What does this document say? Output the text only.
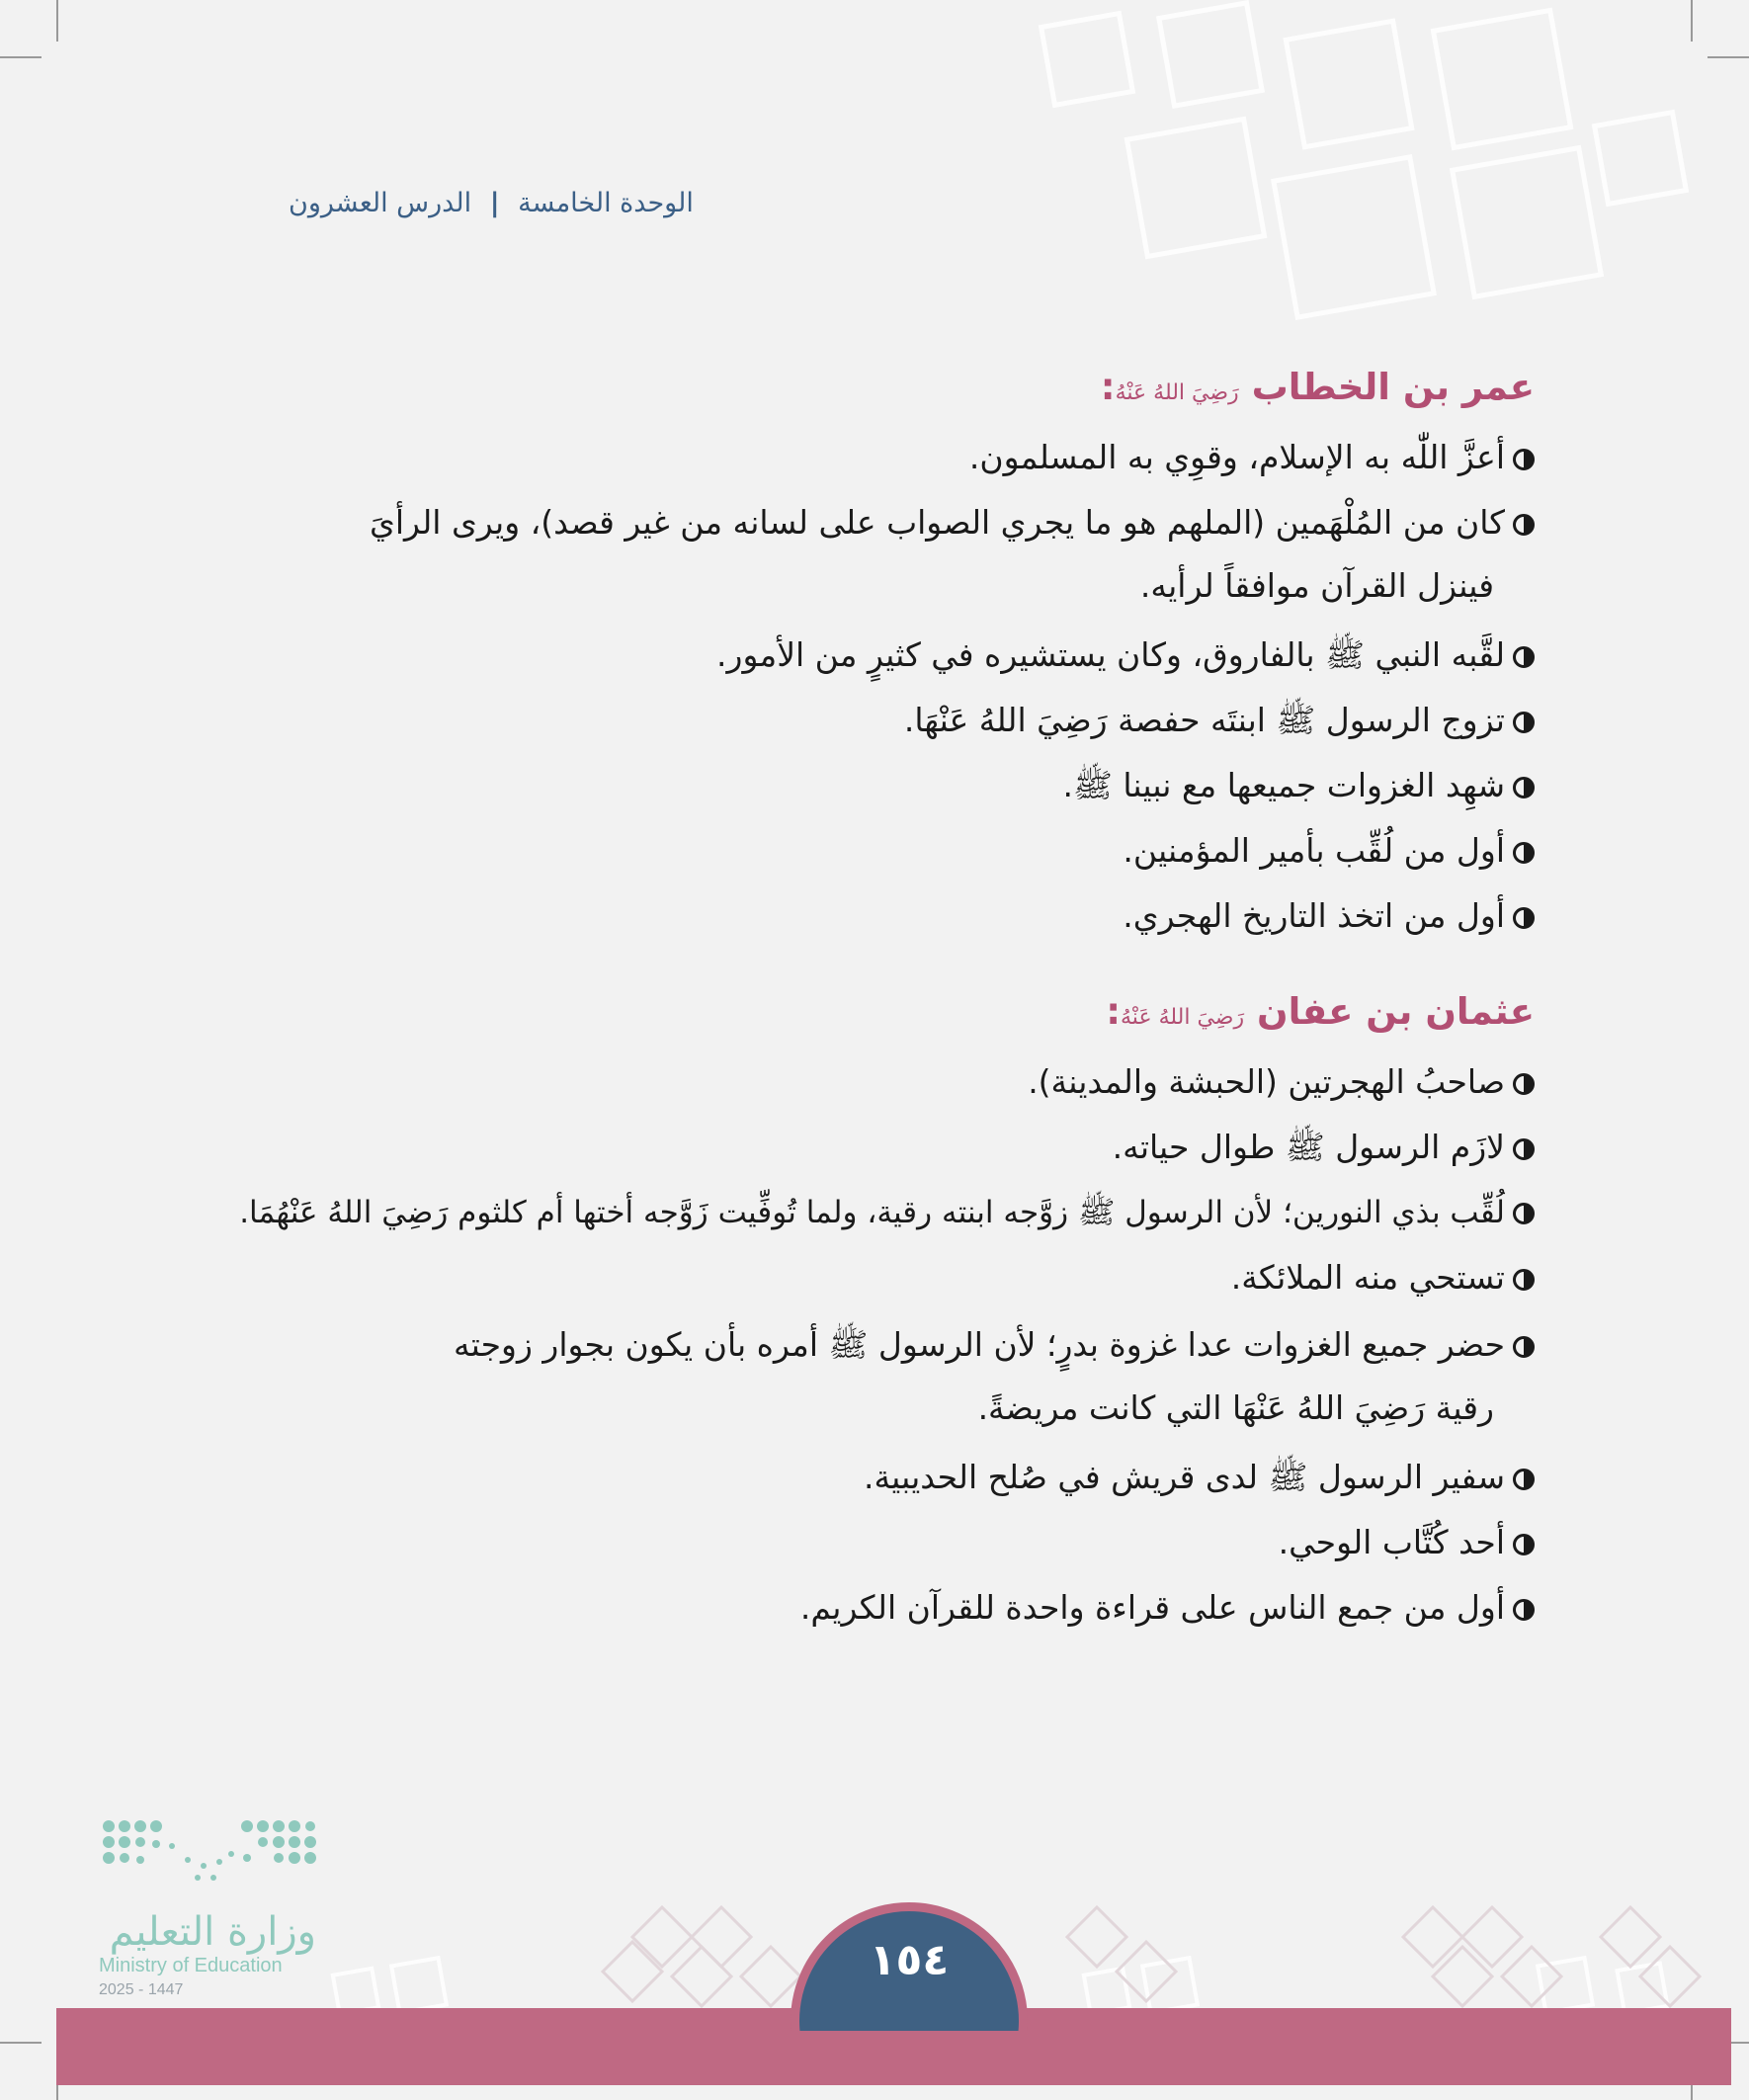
الوحدة الخامسة | الدرس العشرون
عمر بن الخطاب رَضِيَ اللهُ عَنْهُ:
أعزَّ اللّٰه به الإسلام، وقوِي به المسلمون.
كان من المُلْهَمين (الملهم هو ما يجري الصواب على لسانه من غير قصد)، ويرى الرأيَ
فينزل القرآن موافقاً لرأيه.
لقَّبه النبي ﷺ بالفاروق، وكان يستشيره في كثيرٍ من الأمور.
تزوج الرسول ﷺ ابنتَه حفصة رَضِيَ اللهُ عَنْهَا.
شهِد الغزوات جميعها مع نبينا ﷺ.
أول من لُقِّب بأمير المؤمنين.
أول من اتخذ التاريخ الهجري.
عثمان بن عفان رَضِيَ اللهُ عَنْهُ:
صاحبُ الهجرتين (الحبشة والمدينة).
لازَم الرسول ﷺ طوال حياته.
لُقِّب بذي النورين؛ لأن الرسول ﷺ زوَّجه ابنته رقية، ولما تُوفِّيت زَوَّجه أختها أم كلثوم رَضِيَ اللهُ عَنْهُمَا.
تستحي منه الملائكة.
حضر جميع الغزوات عدا غزوة بدرٍ؛ لأن الرسول ﷺ أمره بأن يكون بجوار زوجته
رقية رَضِيَ اللهُ عَنْهَا التي كانت مريضةً.
سفير الرسول ﷺ لدى قريش في صُلح الحديبية.
أحد كُتَّاب الوحي.
أول من جمع الناس على قراءة واحدة للقرآن الكريم.
وزارة التعليم
Ministry of Education
2025 - 1447
١٥٤
